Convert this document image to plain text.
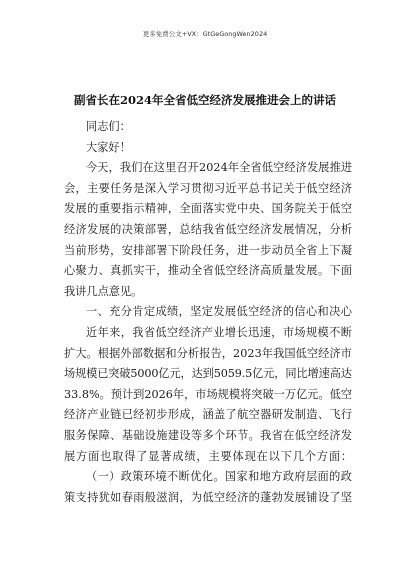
更多免费公文+VX：GtGeGongWen2024
副省长在2024年全省低空经济发展推进会上的讲话
同志们：
大家好！
今天，我们在这里召开2024年全省低空经济发展推进
会，主要任务是深入学习贯彻习近平总书记关于低空经济
发展的重要指示精神，全面落实党中央、国务院关于低空
经济发展的决策部署，总结我省低空经济发展情况，分析
当前形势，安排部署下阶段任务，进一步动员全省上下凝
心聚力、真抓实干，推动全省低空经济高质量发展。下面
我讲几点意见。
一、充分肯定成绩，坚定发展低空经济的信心和决心
近年来，我省低空经济产业增长迅速，市场规模不断
扩大。根据外部数据和分析报告，2023年我国低空经济市
场规模已突破5000亿元，达到5059.5亿元，同比增速高达
33.8%。预计到2026年，市场规模将突破一万亿元。低空
经济产业链已经初步形成，涵盖了航空器研发制造、飞行
服务保障、基础设施建设等多个环节。我省在低空经济发
展方面也取得了显著成绩，主要体现在以下几个方面：
（一）政策环境不断优化。国家和地方政府层面的政
策支持犹如春雨般滋润，为低空经济的蓬勃发展铺设了坚
